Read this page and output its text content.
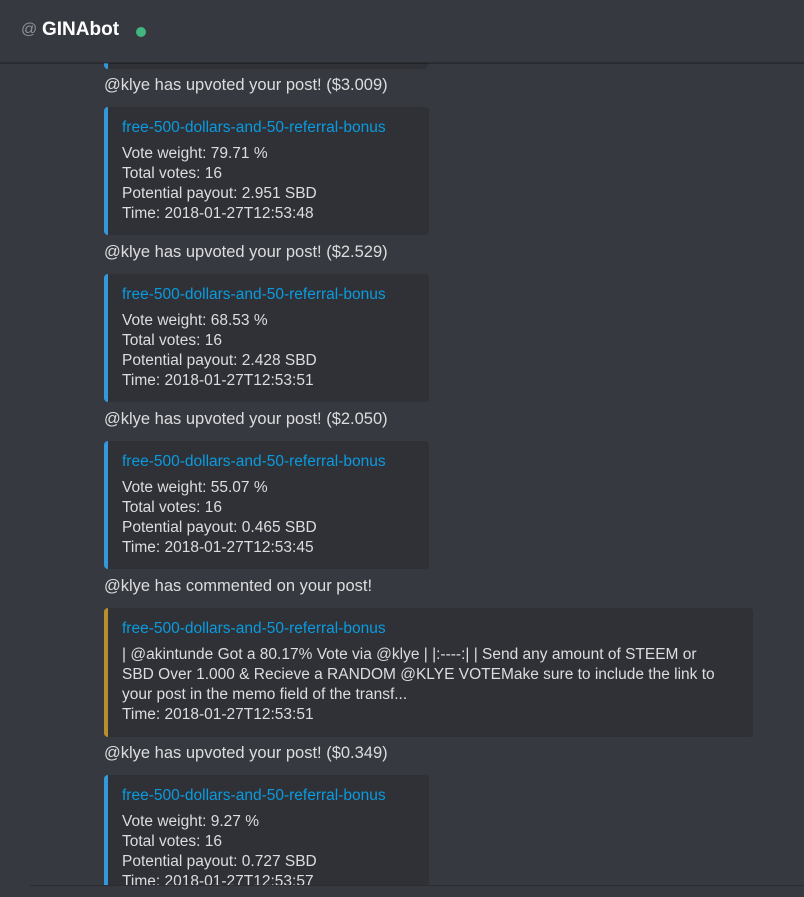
@ GINAbot
@klye has upvoted your post! ($3.009)
free-500-dollars-and-50-referral-bonus
Vote weight: 79.71 %
Total votes: 16
Potential payout: 2.951 SBD
Time: 2018-01-27T12:53:48
@klye has upvoted your post! ($2.529)
free-500-dollars-and-50-referral-bonus
Vote weight: 68.53 %
Total votes: 16
Potential payout: 2.428 SBD
Time: 2018-01-27T12:53:51
@klye has upvoted your post! ($2.050)
free-500-dollars-and-50-referral-bonus
Vote weight: 55.07 %
Total votes: 16
Potential payout: 0.465 SBD
Time: 2018-01-27T12:53:45
@klye has commented on your post!
free-500-dollars-and-50-referral-bonus
| @akintunde Got a 80.17% Vote via @klye | |:----:| | Send any amount of STEEM or
SBD Over 1.000 & Recieve a RANDOM @KLYE VOTEMake sure to include the link to
your post in the memo field of the transf...
Time: 2018-01-27T12:53:51
@klye has upvoted your post! ($0.349)
free-500-dollars-and-50-referral-bonus
Vote weight: 9.27 %
Total votes: 16
Potential payout: 0.727 SBD
Time: 2018-01-27T12:53:57
